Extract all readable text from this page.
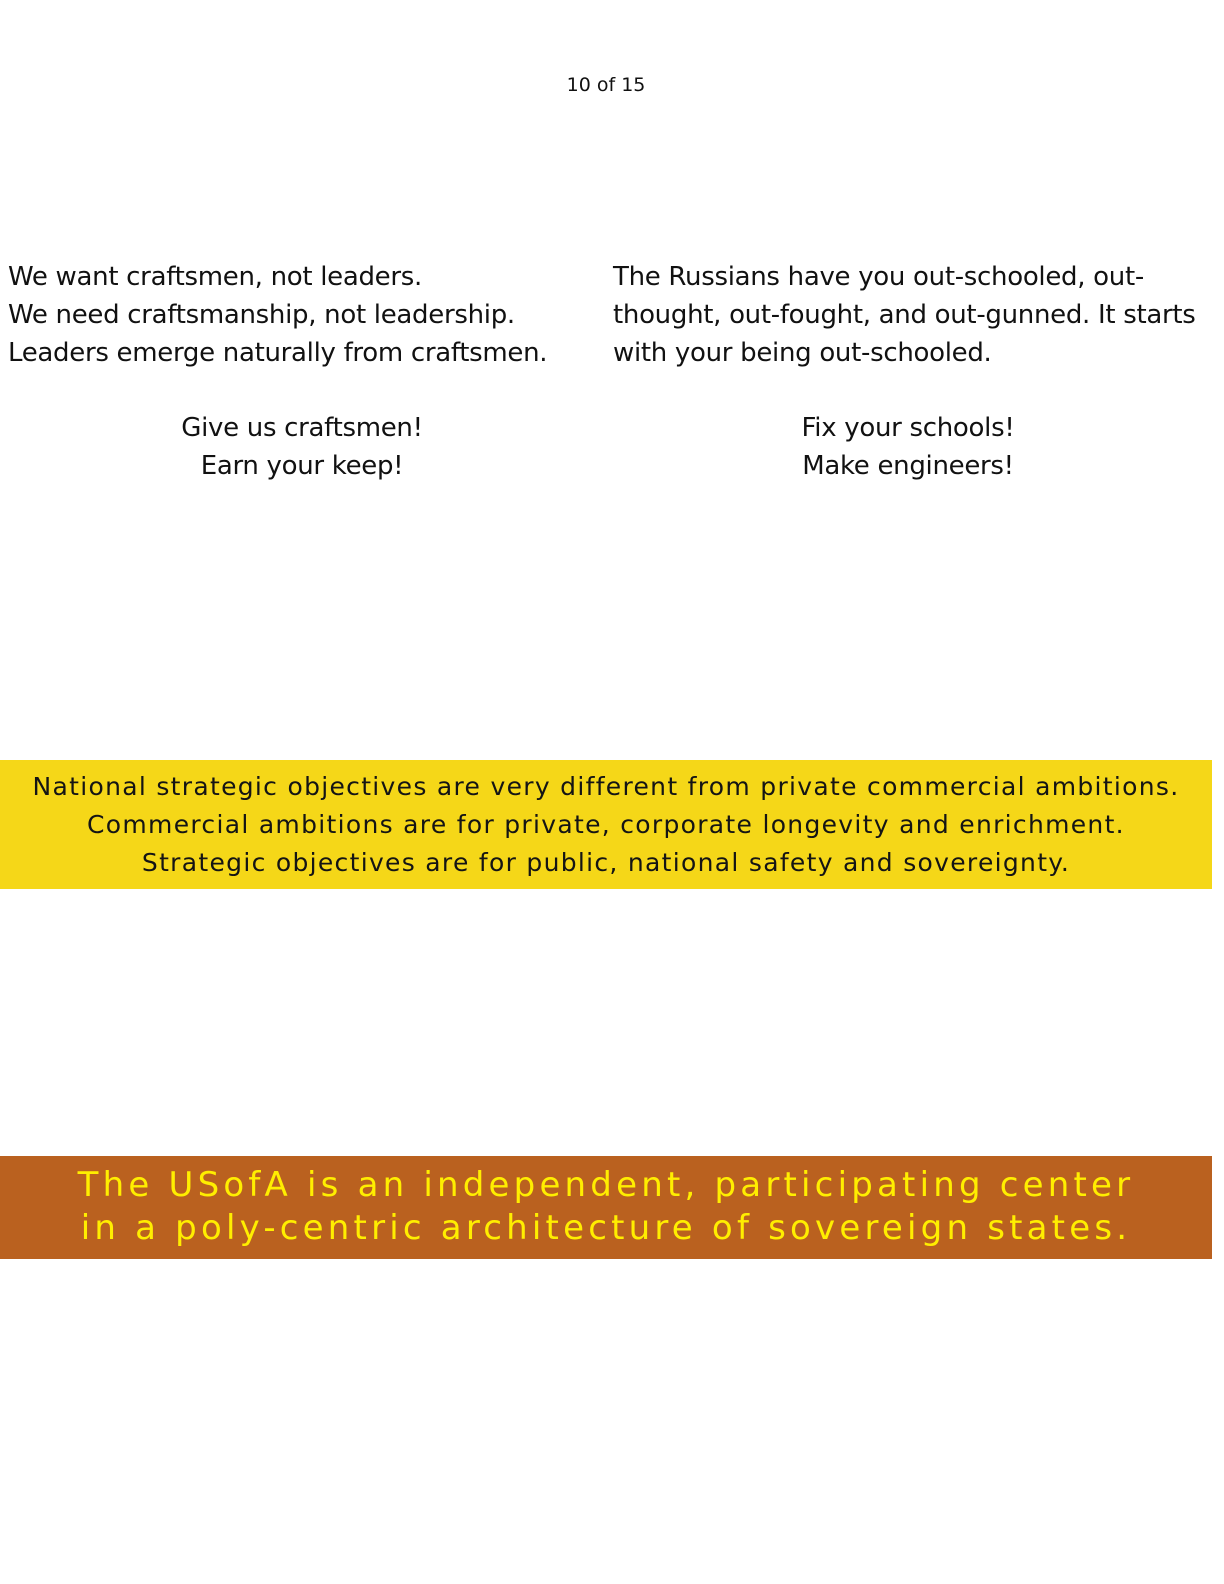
10 of 15
We want craftsmen, not leaders.
We need craftsmanship, not leadership.
Leaders emerge naturally from craftsmen.
Give us craftsmen!
Earn your keep!
The Russians have you out-schooled, out-
thought, out-fought, and out-gunned. It starts
with your being out-schooled.
Fix your schools!
Make engineers!
National strategic objectives are very different from private commercial ambitions.
Commercial ambitions are for private, corporate longevity and enrichment.
Strategic objectives are for public, national safety and sovereignty.
The USofA is an independent, participating center
in a poly-centric architecture of sovereign states.
